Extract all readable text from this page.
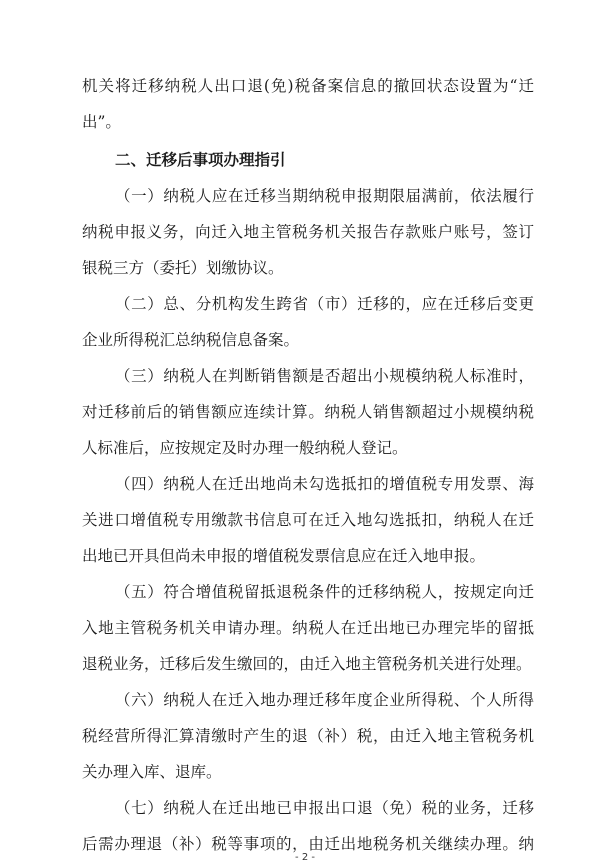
机关将迁移纳税人出口退(免)税备案信息的撤回状态设置为“迁
出”。
二、迁移后事项办理指引
（一）纳税人应在迁移当期纳税申报期限届满前，依法履行
纳税申报义务，向迁入地主管税务机关报告存款账户账号，签订
银税三方（委托）划缴协议。
（二）总、分机构发生跨省（市）迁移的，应在迁移后变更
企业所得税汇总纳税信息备案。
（三）纳税人在判断销售额是否超出小规模纳税人标准时，
对迁移前后的销售额应连续计算。纳税人销售额超过小规模纳税
人标准后，应按规定及时办理一般纳税人登记。
（四）纳税人在迁出地尚未勾选抵扣的增值税专用发票、海
关进口增值税专用缴款书信息可在迁入地勾选抵扣，纳税人在迁
出地已开具但尚未申报的增值税发票信息应在迁入地申报。
（五）符合增值税留抵退税条件的迁移纳税人，按规定向迁
入地主管税务机关申请办理。纳税人在迁出地已办理完毕的留抵
退税业务，迁移后发生缴回的，由迁入地主管税务机关进行处理。
（六）纳税人在迁入地办理迁移年度企业所得税、个人所得
税经营所得汇算清缴时产生的退（补）税，由迁入地主管税务机
关办理入库、退库。
（七）纳税人在迁出地已申报出口退（免）税的业务，迁移
后需办理退（补）税等事项的，由迁出地税务机关继续办理。纳
- 2 -
